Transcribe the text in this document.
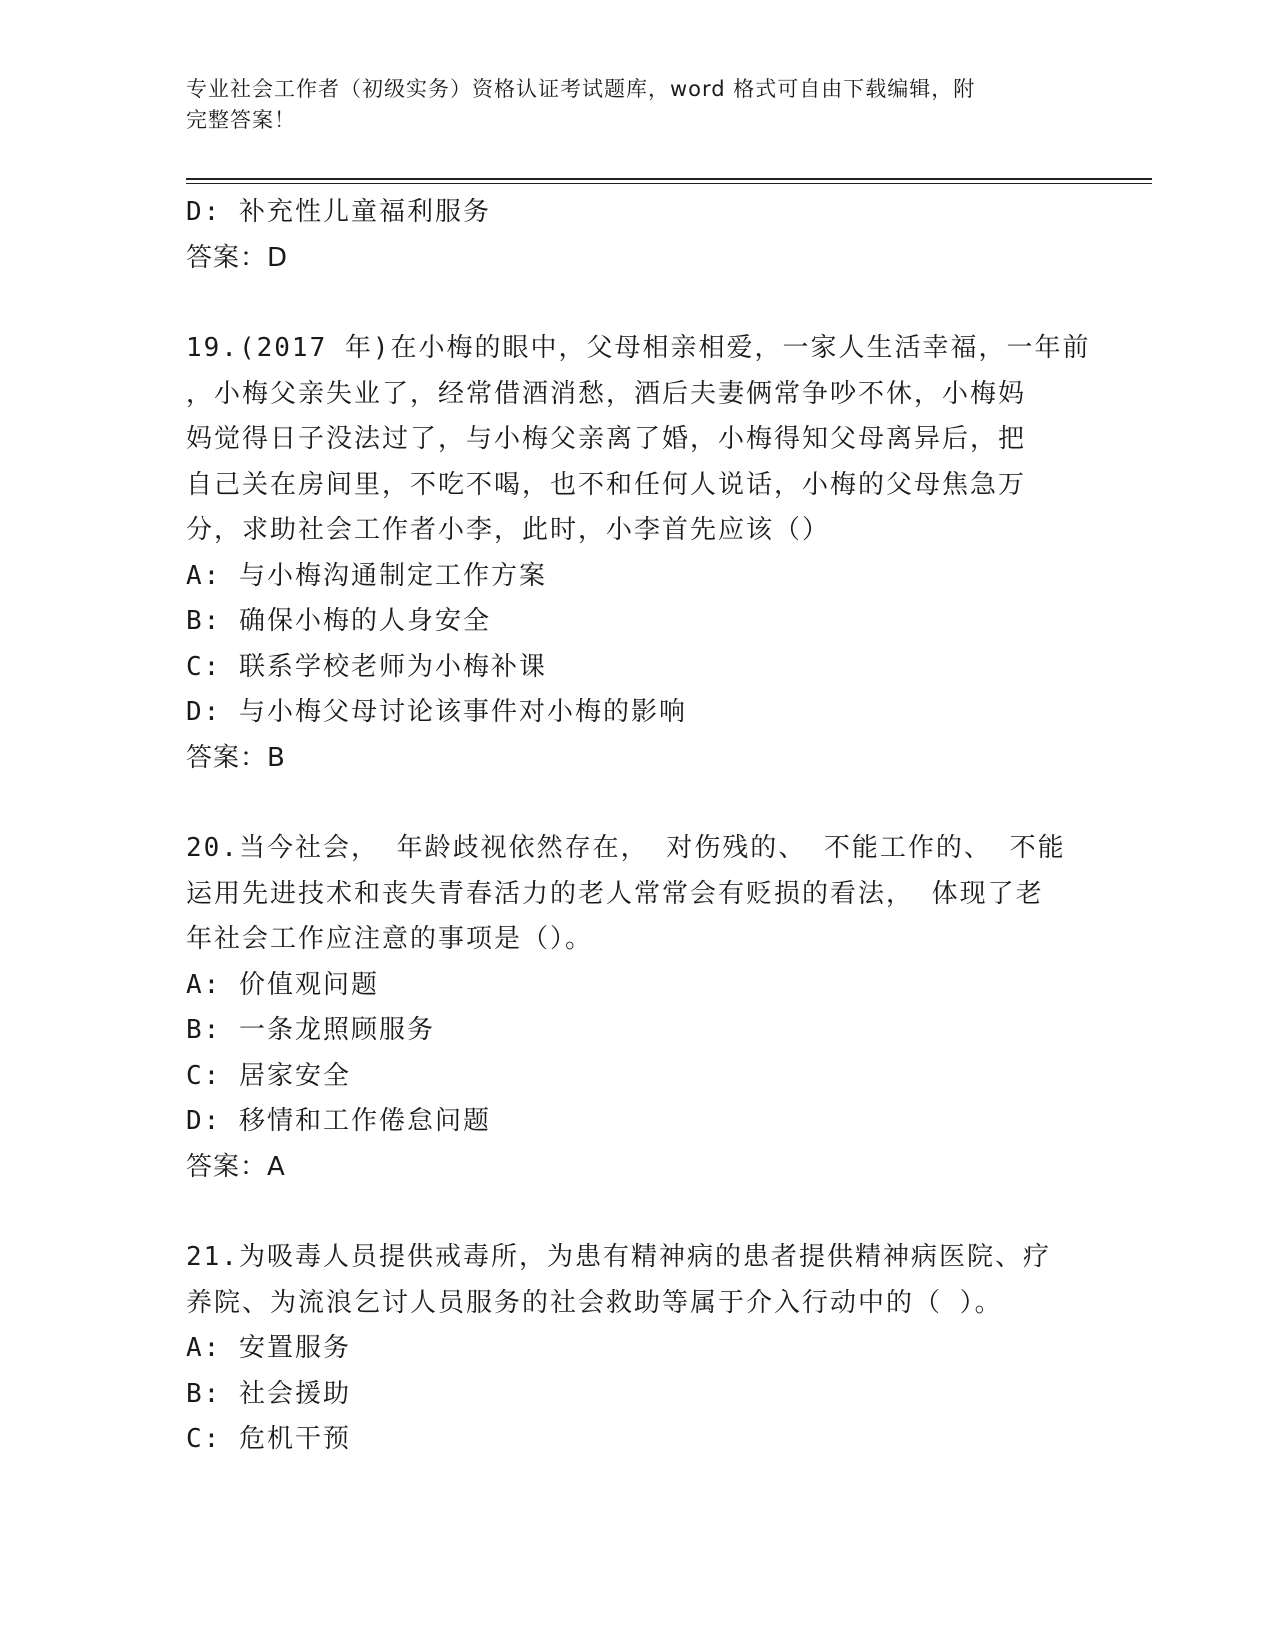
专业社会工作者（初级实务）资格认证考试题库，word 格式可自由下载编辑，附
完整答案！
D: 补充性儿童福利服务
答案：D
19.(2017 年)在小梅的眼中，父母相亲相爱，一家人生活幸福，一年前
，小梅父亲失业了，经常借酒消愁，酒后夫妻俩常争吵不休，小梅妈
妈觉得日子没法过了，与小梅父亲离了婚，小梅得知父母离异后，把
自己关在房间里，不吃不喝，也不和任何人说话，小梅的父母焦急万
分，求助社会工作者小李，此时，小李首先应该（）
A: 与小梅沟通制定工作方案
B: 确保小梅的人身安全
C: 联系学校老师为小梅补课
D: 与小梅父母讨论该事件对小梅的影响
答案：B
20.当今社会， 年龄歧视依然存在， 对伤残的、 不能工作的、 不能
运用先进技术和丧失青春活力的老人常常会有贬损的看法， 体现了老
年社会工作应注意的事项是（）。
A: 价值观问题
B: 一条龙照顾服务
C: 居家安全
D: 移情和工作倦怠问题
答案：A
21.为吸毒人员提供戒毒所，为患有精神病的患者提供精神病医院、疗
养院、为流浪乞讨人员服务的社会救助等属于介入行动中的（ ）。
A: 安置服务
B: 社会援助
C: 危机干预
